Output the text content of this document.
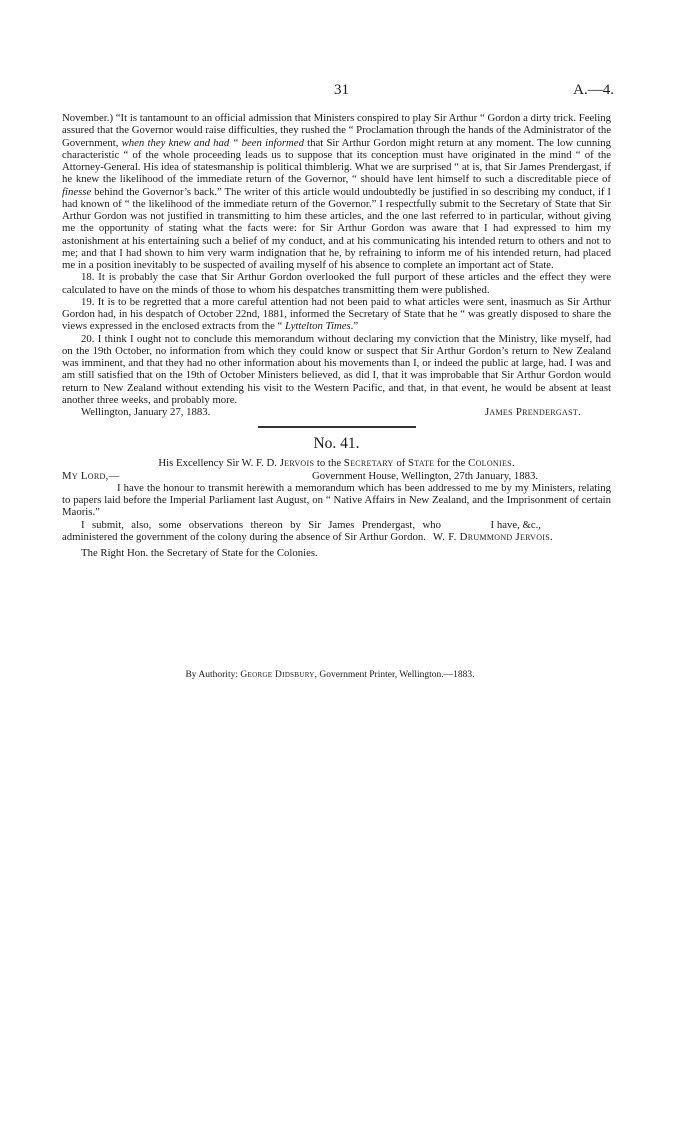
31	A.—4.

November.) “It is tantamount to an official admission that Ministers conspired to play Sir Arthur “ Gordon a dirty trick. Feeling assured that the Governor would raise difficulties, they rushed the “ Proclamation through the hands of the Administrator of the Government, when they knew and had “ been informed that Sir Arthur Gordon might return at any moment. The low cunning characteristic “ of the whole proceeding leads us to suppose that its conception must have originated in the mind “ of the Attorney-General. His idea of statesmanship is political thimblerig. What we are surprised “ at is, that Sir James Prendergast, if he knew the likelihood of the immediate return of the Governor, “ should have lent himself to such a discreditable piece of finesse behind the Governor’s back.” The writer of this article would undoubtedly be justified in so describing my conduct, if I had known of “ the likelihood of the immediate return of the Governor.” I respectfully submit to the Secretary of State that Sir Arthur Gordon was not justified in transmitting to him these articles, and the one last referred to in particular, without giving me the opportunity of stating what the facts were: for Sir Arthur Gordon was aware that I had expressed to him my astonishment at his entertaining such a belief of my conduct, and at his communicating his intended return to others and not to me; and that I had shown to him very warm indignation that he, by refraining to inform me of his intended return, had placed me in a position inevitably to be suspected of availing myself of his absence to complete an important act of State.

18. It is probably the case that Sir Arthur Gordon overlooked the full purport of these articles and the effect they were calculated to have on the minds of those to whom his despatches transmitting them were published.

19. It is to be regretted that a more careful attention had not been paid to what articles were sent, inasmuch as Sir Arthur Gordon had, in his despatch of October 22nd, 1881, informed the Secretary of State that he “ was greatly disposed to share the views expressed in the enclosed extracts from the “ Lyttelton Times.”

20. I think I ought not to conclude this memorandum without declaring my conviction that the Ministry, like myself, had on the 19th October, no information from which they could know or suspect that Sir Arthur Gordon’s return to New Zealand was imminent, and that they had no other information about his movements than I, or indeed the public at large, had. I was and am still satisfied that on the 19th of October Ministers believed, as did I, that it was improbable that Sir Arthur Gordon would return to New Zealand without extending his visit to the Western Pacific, and that, in that event, he would be absent at least another three weeks, and probably more.

Wellington, January 27, 1883.	James Prendergast.
No. 41.

His Excellency Sir W. F. D. Jervois to the Secretary of State for the Colonies.

My Lord,—	Government House, Wellington, 27th January, 1883.

I have the honour to transmit herewith a memorandum which has been addressed to me by my Ministers, relating to papers laid before the Imperial Parliament last August, on “ Native Affairs in New Zealand, and the Imprisonment of certain Maoris.”

I submit, also, some observations thereon by Sir James Prendergast, who administered the government of the colony during the absence of Sir Arthur Gordon.

I have, &c.,
W. F. Drummond Jervois.
The Right Hon. the Secretary of State for the Colonies.
By Authority: George Didsbury, Government Printer, Wellington.—1883.
